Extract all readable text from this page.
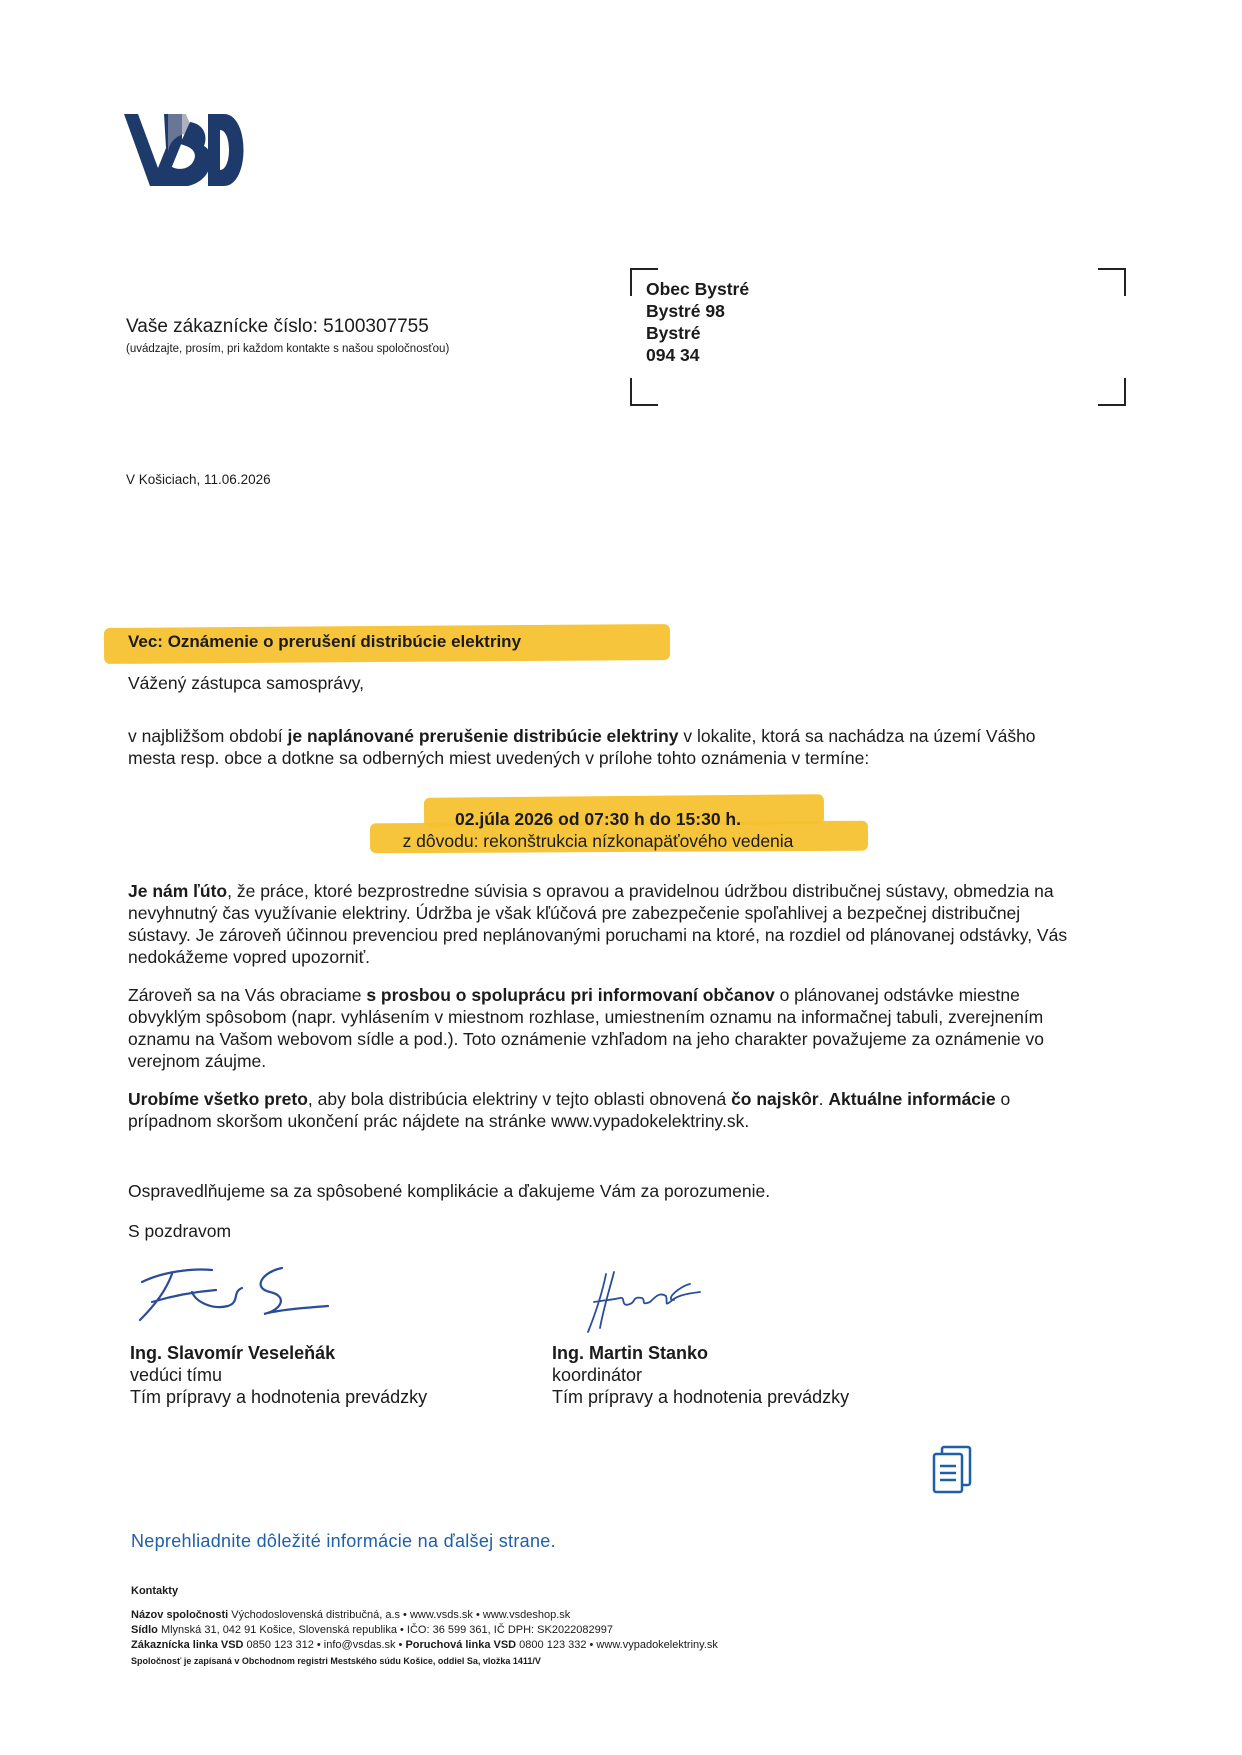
Vaše zákaznícke číslo: 5100307755
(uvádzajte, prosím, pri každom kontakte s našou spoločnosťou)
Obec Bystré
Bystré 98
Bystré
094 34
V Košiciach, 11.06.2026
Vec: Oznámenie o prerušení distribúcie elektriny
Vážený zástupca samosprávy,
v najbližšom období je naplánované prerušenie distribúcie elektriny v lokalite, ktorá sa nachádza na území Vášho mesta resp. obce a dotkne sa odberných miest uvedených v prílohe tohto oznámenia v termíne:
02.júla 2026 od 07:30 h do 15:30 h.
z dôvodu: rekonštrukcia nízkonapäťového vedenia
Je nám ľúto, že práce, ktoré bezprostredne súvisia s opravou a pravidelnou údržbou distribučnej sústavy, obmedzia na nevyhnutný čas využívanie elektriny. Údržba je však kľúčová pre zabezpečenie spoľahlivej a bezpečnej distribučnej sústavy. Je zároveň účinnou prevenciou pred neplánovanými poruchami na ktoré, na rozdiel od plánovanej odstávky, Vás nedokážeme vopred upozorniť.
Zároveň sa na Vás obraciame s prosbou o spoluprácu pri informovaní občanov o plánovanej odstávke miestne obvyklým spôsobom (napr. vyhlásením v miestnom rozhlase, umiestnením oznamu na informačnej tabuli, zverejnením oznamu na Vašom webovom sídle a pod.). Toto oznámenie vzhľadom na jeho charakter považujeme za oznámenie vo verejnom záujme.
Urobíme všetko preto, aby bola distribúcia elektriny v tejto oblasti obnovená čo najskôr. Aktuálne informácie o prípadnom skoršom ukončení prác nájdete na stránke www.vypadokelektriny.sk.
Ospravedlňujeme sa za spôsobené komplikácie a ďakujeme Vám za porozumenie.
S pozdravom
Ing. Slavomír Veseleňák
vedúci tímu
Tím prípravy a hodnotenia prevádzky
Ing. Martin Stanko
koordinátor
Tím prípravy a hodnotenia prevádzky
Neprehliadnite dôležité informácie na ďalšej strane.
Kontakty
Názov spoločnosti Východoslovenská distribučná, a.s • www.vsds.sk • www.vsdeshop.sk
Sídlo Mlynská 31, 042 91 Košice, Slovenská republika • IČO: 36 599 361, IČ DPH: SK2022082997
Zákaznícka linka VSD 0850 123 312 • info@vsdas.sk • Poruchová linka VSD 0800 123 332 • www.vypadokelektriny.sk
Spoločnosť je zapísaná v Obchodnom registri Mestského súdu Košice, oddiel Sa, vložka 1411/V
